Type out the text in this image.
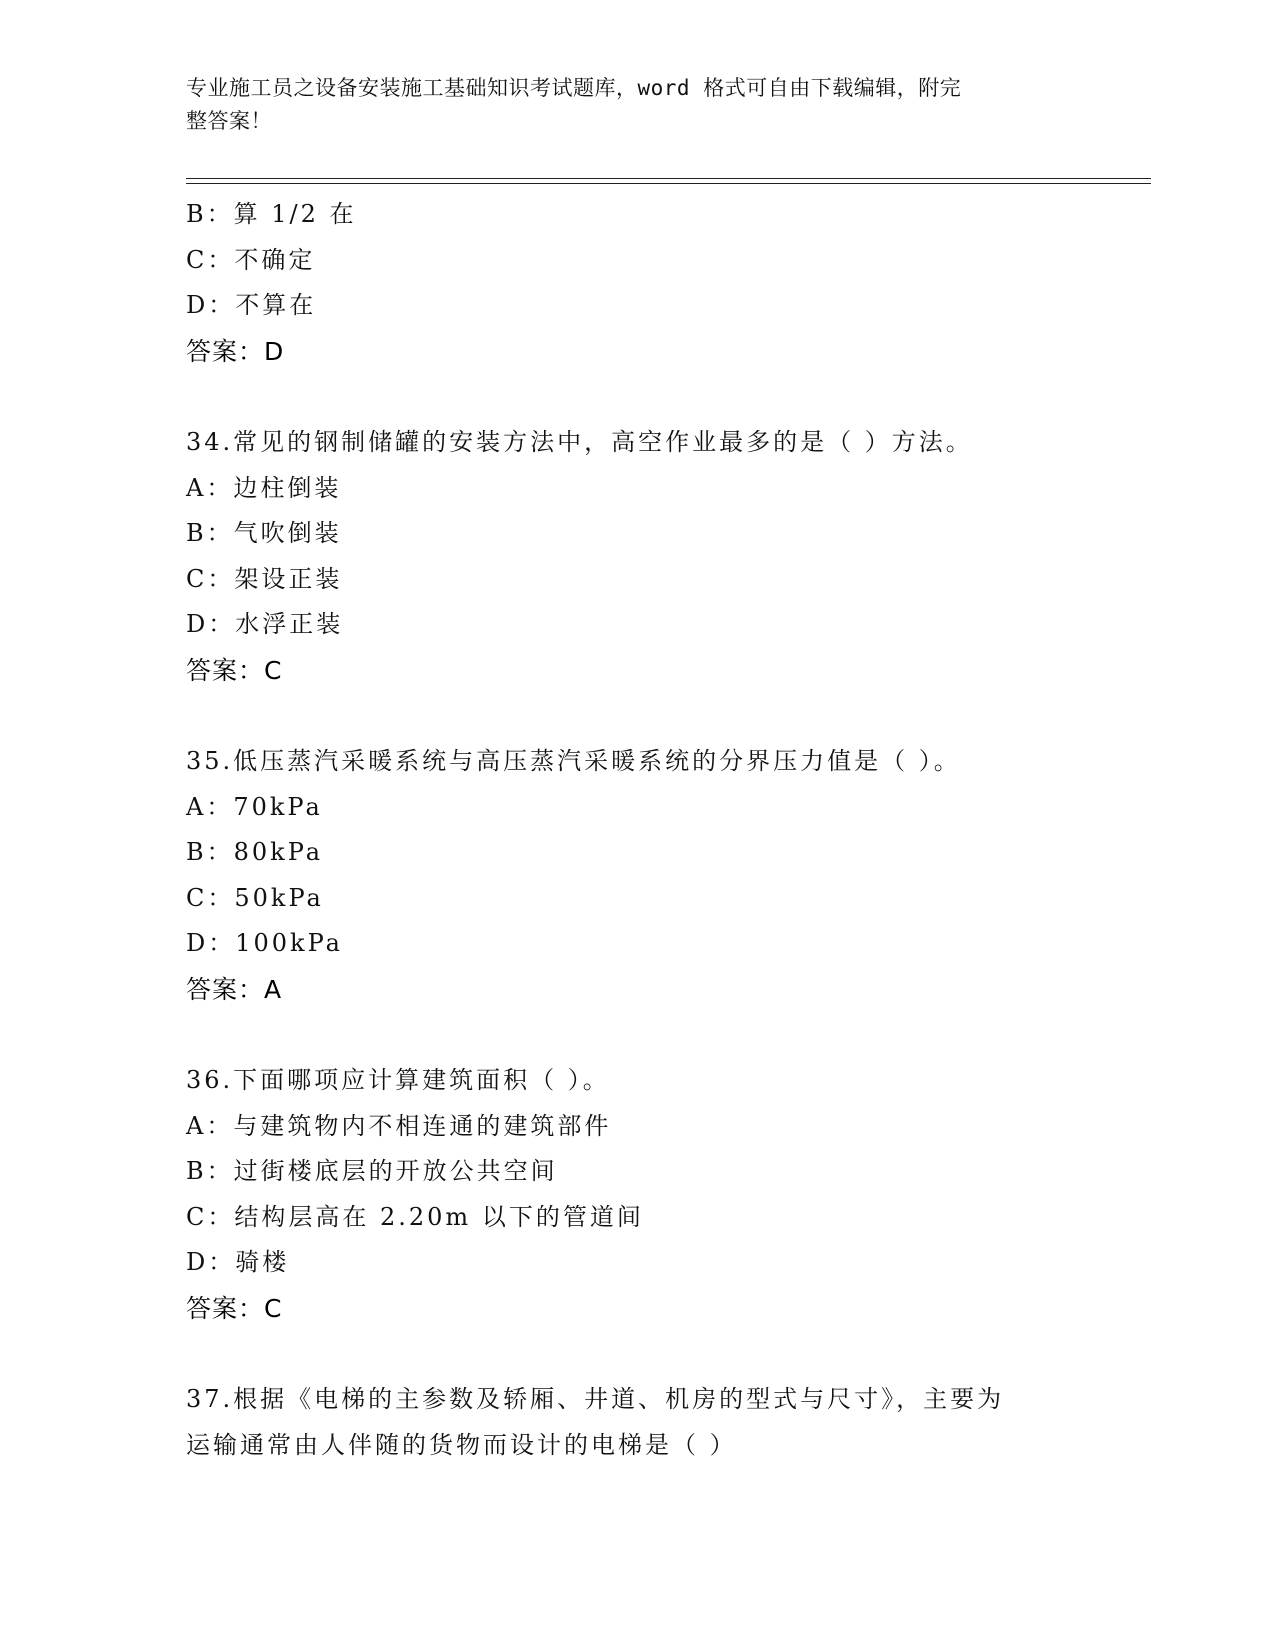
专业施工员之设备安装施工基础知识考试题库，word 格式可自由下载编辑，附完
整答案！
B：算 1/2 在
C：不确定
D：不算在
答案：D
34.常见的钢制储罐的安装方法中，高空作业最多的是（ ）方法。
A：边柱倒装
B：气吹倒装
C：架设正装
D：水浮正装
答案：C
35.低压蒸汽采暖系统与高压蒸汽采暖系统的分界压力值是（ ）。
A：70kPa
B：80kPa
C：50kPa
D：100kPa
答案：A
36.下面哪项应计算建筑面积（ ）。
A：与建筑物内不相连通的建筑部件
B：过街楼底层的开放公共空间
C：结构层高在 2.20m 以下的管道间
D：骑楼
答案：C
37.根据《电梯的主参数及轿厢、井道、机房的型式与尺寸》，主要为
运输通常由人伴随的货物而设计的电梯是（ ）
